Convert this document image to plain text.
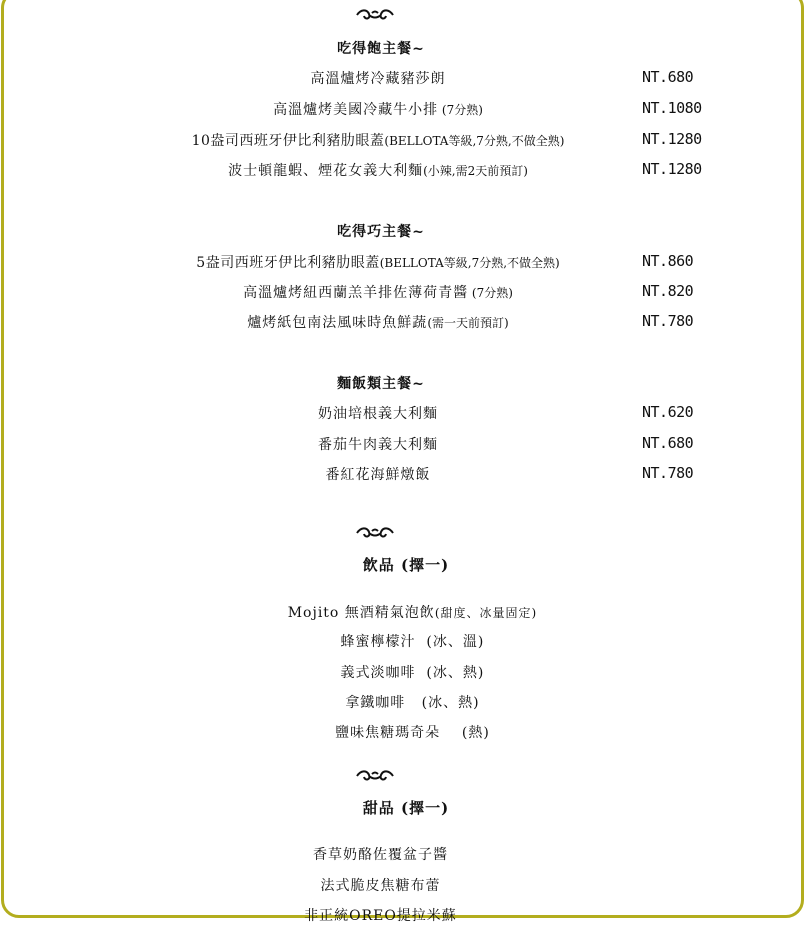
吃得飽主餐~
高溫爐烤冷藏豬莎朗	NT.680
高溫爐烤美國冷藏牛小排 (7分熟)	NT.1080
10盎司西班牙伊比利豬肋眼蓋(BELLOTA等級,7分熟,不做全熟)	NT.1280
波士頓龍蝦、煙花女義大利麵(小辣,需2天前預訂)	NT.1280
吃得巧主餐~
5盎司西班牙伊比利豬肋眼蓋(BELLOTA等級,7分熟,不做全熟)	NT.860
高溫爐烤紐西蘭羔羊排佐薄荷青醬 (7分熟)	NT.820
爐烤紙包南法風味時魚鮮蔬(需一天前預訂)	NT.780
麵飯類主餐~
奶油培根義大利麵	NT.620
番茄牛肉義大利麵	NT.680
番紅花海鮮燉飯	NT.780
飲品 (擇一)

Mojito 無酒精氣泡飲(甜度、冰量固定)

蜂蜜檸檬汁  (冰、溫)

義式淡咖啡  (冰、熱)

拿鐵咖啡   (冰、熱)

鹽味焦糖瑪奇朵    (熱)

甜品 (擇一)

香草奶酪佐覆盆子醬

法式脆皮焦糖布蕾

非正統OREO提拉米蘇
